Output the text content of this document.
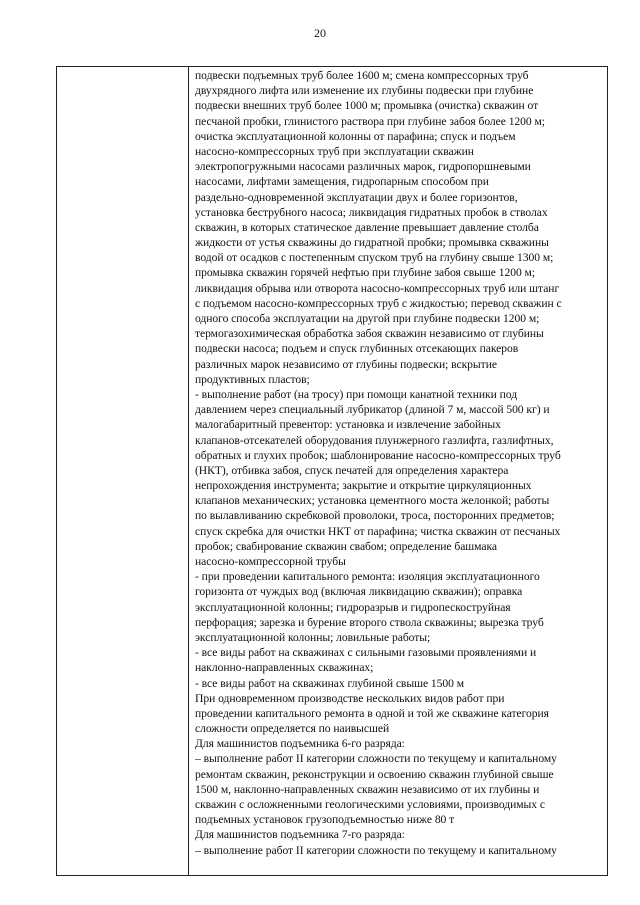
20
подвески подъемных труб более 1600 м; смена компрессорных труб
двухрядного лифта или изменение их глубины подвески при глубине
подвески внешних труб более 1000 м; промывка (очистка) скважин от
песчаной пробки, глинистого раствора при глубине забоя более 1200 м;
очистка эксплуатационной колонны от парафина; спуск и подъем
насосно-компрессорных труб при эксплуатации скважин
электропогружными насосами различных марок, гидропоршневыми
насосами, лифтами замещения, гидропарным способом при
раздельно-одновременной эксплуатации двух и более горизонтов,
установка беструбного насоса; ликвидация гидратных пробок в стволах
скважин, в которых статическое давление превышает давление столба
жидкости от устья скважины до гидратной пробки; промывка скважины
водой от осадков с постепенным спуском труб на глубину свыше 1300 м;
промывка скважин горячей нефтью при глубине забоя свыше 1200 м;
ликвидация обрыва или отворота насосно-компрессорных труб или штанг
с подъемом насосно-компрессорных труб с жидкостью; перевод скважин с
одного способа эксплуатации на другой при глубине подвески 1200 м;
термогазохимическая обработка забоя скважин независимо от глубины
подвески насоса; подъем и спуск глубинных отсекающих пакеров
различных марок независимо от глубины подвески; вскрытие
продуктивных пластов;
- выполнение работ (на тросу) при помощи канатной техники под
давлением через специальный лубрикатор (длиной 7 м, массой 500 кг) и
малогабаритный превентор: установка и извлечение забойных
клапанов-отсекателей оборудования плунжерного газлифта, газлифтных,
обратных и глухих пробок; шаблонирование насосно-компрессорных труб
(НКТ), отбивка забоя, спуск печатей для определения характера
непрохождения инструмента; закрытие и открытие циркуляционных
клапанов механических; установка цементного моста желонкой; работы
по вылавливанию скребковой проволоки, троса, посторонних предметов;
спуск скребка для очистки НКТ от парафина; чистка скважин от песчаных
пробок; свабирование скважин свабом; определение башмака
насосно-компрессорной трубы
- при проведении капитального ремонта: изоляция эксплуатационного
горизонта от чуждых вод (включая ликвидацию скважин); оправка
эксплуатационной колонны; гидроразрыв и гидропескоструйная
перфорация; зарезка и бурение второго ствола скважины; вырезка труб
эксплуатационной колонны; ловильные работы;
- все виды работ на скважинах с сильными газовыми проявлениями и
наклонно-направленных скважинах;
- все виды работ на скважинах глубиной свыше 1500 м
При одновременном производстве нескольких видов работ при
проведении капитального ремонта в одной и той же скважине категория
сложности определяется по наивысшей
Для машинистов подъемника 6-го разряда:
– выполнение работ II категории сложности по текущему и капитальному
ремонтам скважин, реконструкции и освоению скважин глубиной свыше
1500 м, наклонно-направленных скважин независимо от их глубины и
скважин с осложненными геологическими условиями, производимых с
подъемных установок грузоподъемностью ниже 80 т
Для машинистов подъемника 7-го разряда:
– выполнение работ II категории сложности по текущему и капитальному
